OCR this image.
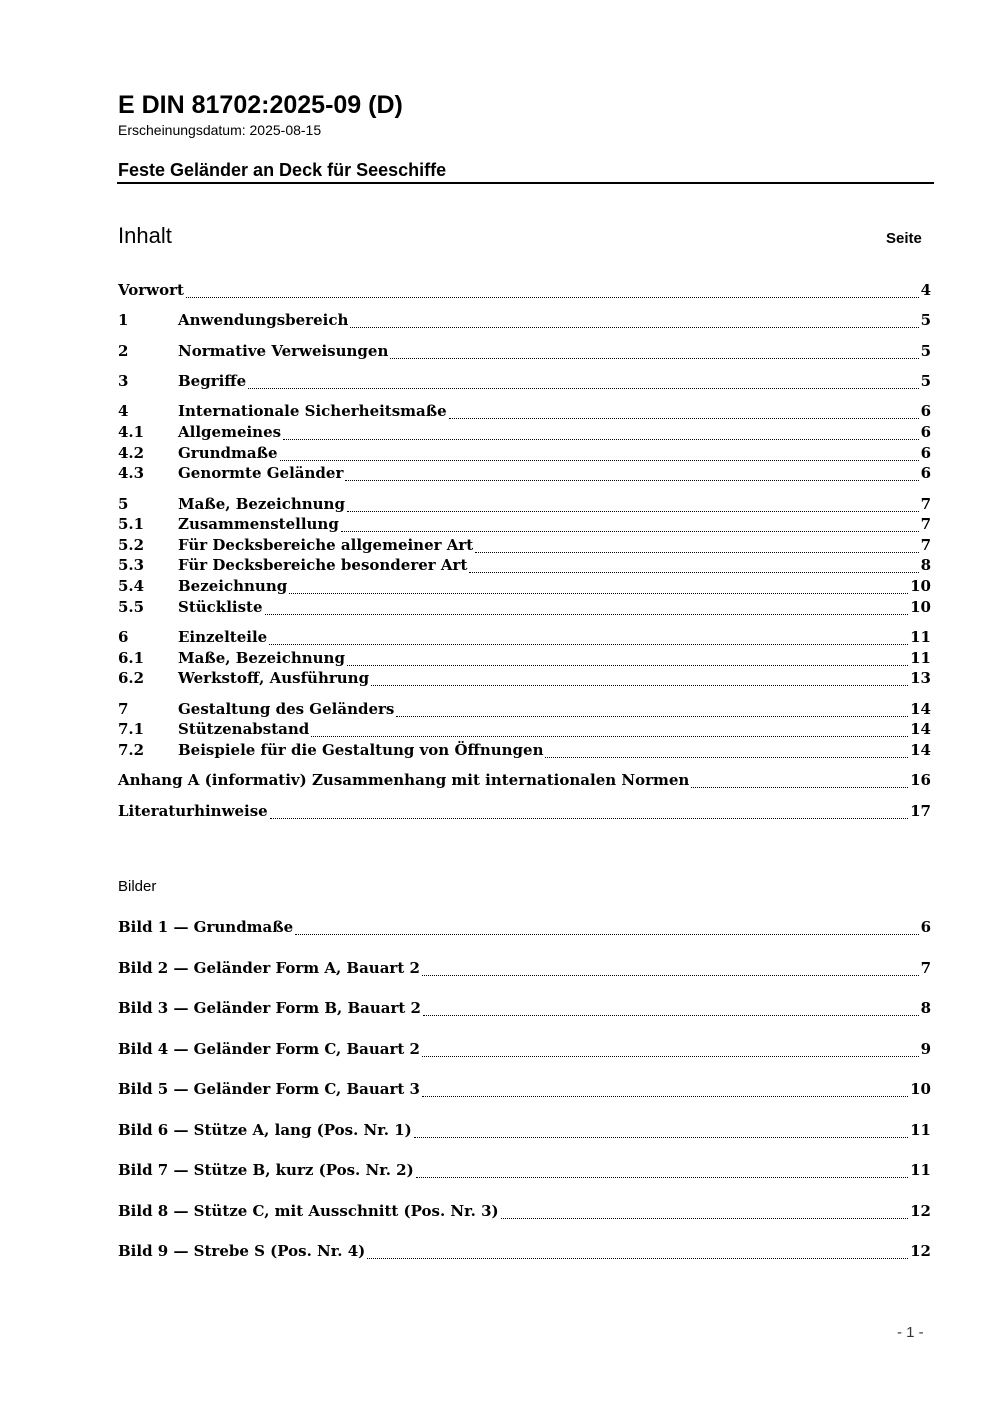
E DIN 81702:2025-09 (D)
Erscheinungsdatum: 2025-08-15
Feste Geländer an Deck für Seeschiffe
Inhalt	Seite
Vorwort	4
1	Anwendungsbereich	5
2	Normative Verweisungen	5
3	Begriffe	5
4	Internationale Sicherheitsmaße	6
4.1	Allgemeines	6
4.2	Grundmaße	6
4.3	Genormte Geländer	6
5	Maße, Bezeichnung	7
5.1	Zusammenstellung	7
5.2	Für Decksbereiche allgemeiner Art	7
5.3	Für Decksbereiche besonderer Art	8
5.4	Bezeichnung	10
5.5	Stückliste	10
6	Einzelteile	11
6.1	Maße, Bezeichnung	11
6.2	Werkstoff, Ausführung	13
7	Gestaltung des Geländers	14
7.1	Stützenabstand	14
7.2	Beispiele für die Gestaltung von Öffnungen	14
Anhang A (informativ) Zusammenhang mit internationalen Normen	16
Literaturhinweise	17
Bilder
Bild 1 — Grundmaße	6
Bild 2 — Geländer Form A, Bauart 2	7
Bild 3 — Geländer Form B, Bauart 2	8
Bild 4 — Geländer Form C, Bauart 2	9
Bild 5 — Geländer Form C, Bauart 3	10
Bild 6 — Stütze A, lang (Pos. Nr. 1)	11
Bild 7 — Stütze B, kurz (Pos. Nr. 2)	11
Bild 8 — Stütze C, mit Ausschnitt (Pos. Nr. 3)	12
Bild 9 — Strebe S (Pos. Nr. 4)	12
- 1 -
